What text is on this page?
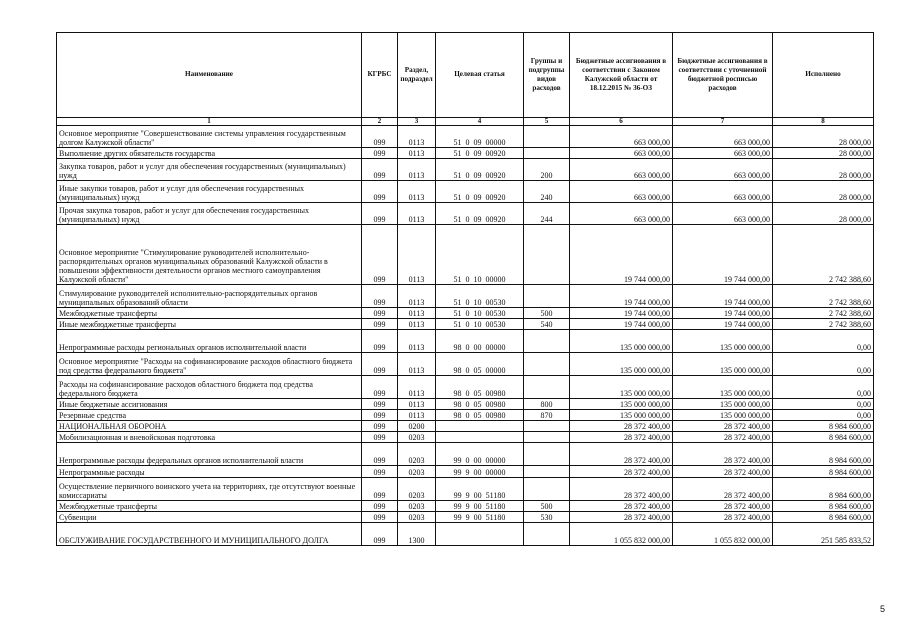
Наименование	КГРБС	Раздел, подраздел	Целевая статья	Группы и подгруппы видов расходов	Бюджетные ассигнования в соответствии с Законом Калужской области от 18.12.2015 № 36-ОЗ	Бюджетные ассигнования в соответствии с уточненной бюджетной росписью расходов	Исполнено
1	2	3	4	5	6	7	8
Основное мероприятие "Совершенствование системы управления государственным долгом Калужской области"	099	0113	51  0  09  00000		663 000,00	663 000,00	28 000,00
Выполнение других обязательств государства	099	0113	51  0  09  00920		663 000,00	663 000,00	28 000,00
Закупка товаров, работ и услуг для обеспечения государственных (муниципальных) нужд	099	0113	51  0  09  00920	200	663 000,00	663 000,00	28 000,00
Иные закупки товаров, работ и услуг для обеспечения государственных (муниципальных) нужд	099	0113	51  0  09  00920	240	663 000,00	663 000,00	28 000,00
Прочая закупка товаров, работ и услуг для обеспечения государственных (муниципальных) нужд	099	0113	51  0  09  00920	244	663 000,00	663 000,00	28 000,00
Основное мероприятие "Стимулирование руководителей исполнительно-распорядительных органов муниципальных образований Калужской области в повышении эффективности деятельности органов местного самоуправления Калужской области"	099	0113	51  0  10  00000		19 744 000,00	19 744 000,00	2 742 388,60
Стимулирование руководителей исполнительно-распорядительных органов муниципальных образований области	099	0113	51  0  10  00530		19 744 000,00	19 744 000,00	2 742 388,60
Межбюджетные трансферты	099	0113	51  0  10  00530	500	19 744 000,00	19 744 000,00	2 742 388,60
Иные межбюджетные трансферты	099	0113	51  0  10  00530	540	19 744 000,00	19 744 000,00	2 742 388,60
Непрограммные расходы региональных органов исполнительной власти	099	0113	98  0  00  00000		135 000 000,00	135 000 000,00	0,00
Основное мероприятие "Расходы на софинансирование расходов областного бюджета под средства федерального бюджета"	099	0113	98  0  05  00000		135 000 000,00	135 000 000,00	0,00
Расходы на софинансирование расходов областного бюджета под средства федерального бюджета	099	0113	98  0  05  00980		135 000 000,00	135 000 000,00	0,00
Иные бюджетные ассигнования	099	0113	98  0  05  00980	800	135 000 000,00	135 000 000,00	0,00
Резервные средства	099	0113	98  0  05  00980	870	135 000 000,00	135 000 000,00	0,00
НАЦИОНАЛЬНАЯ ОБОРОНА	099	0200			28 372 400,00	28 372 400,00	8 984 600,00
Мобилизационная и вневойсковая подготовка	099	0203			28 372 400,00	28 372 400,00	8 984 600,00
Непрограммные расходы федеральных органов исполнительной власти	099	0203	99  0  00  00000		28 372 400,00	28 372 400,00	8 984 600,00
Непрограммные расходы	099	0203	99  9  00  00000		28 372 400,00	28 372 400,00	8 984 600,00
Осуществление первичного воинского учета на территориях, где отсутствуют военные комиссариаты	099	0203	99  9  00  51180		28 372 400,00	28 372 400,00	8 984 600,00
Межбюджетные трансферты	099	0203	99  9  00  51180	500	28 372 400,00	28 372 400,00	8 984 600,00
Субвенции	099	0203	99  9  00  51180	530	28 372 400,00	28 372 400,00	8 984 600,00
ОБСЛУЖИВАНИЕ ГОСУДАРСТВЕННОГО И МУНИЦИПАЛЬНОГО ДОЛГА	099	1300			1 055 832 000,00	1 055 832 000,00	251 585 833,52
5
